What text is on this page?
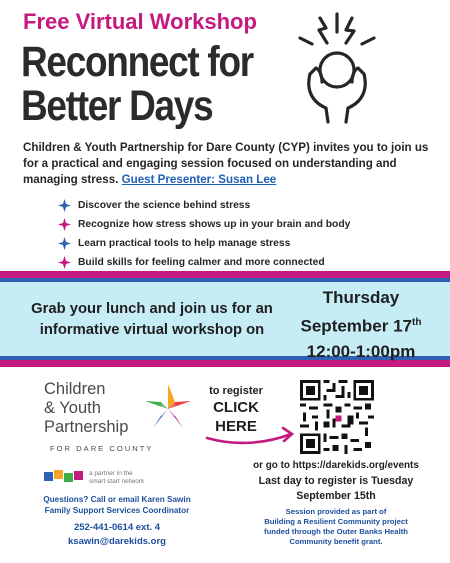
Free Virtual Workshop
Reconnect for
Better Days
Children & Youth Partnership for Dare County (CYP) invites you to join us for a practical and engaging session focused on understanding and managing stress. Guest Presenter: Susan Lee
Discover the science behind stress
Recognize how stress shows up in your brain and body
Learn practical tools to help manage stress
Build skills for feeling calmer and more connected
Grab your lunch and join us for an
informative virtual workshop on
Thursday
September 17th
12:00-1:00pm
Children
& Youth
Partnership
FOR DARE COUNTY
a partner in the
smart start network
Questions? Call or email Karen Sawin
Family Support Services Coordinator
252-441-0614 ext. 4
ksawin@darekids.org
to register
CLICK
HERE
or go to https://darekids.org/events
Last day to register is Tuesday
September 15th
Session provided as part of
Building a Resilient Community project
funded through the Outer Banks Health
Community benefit grant.
